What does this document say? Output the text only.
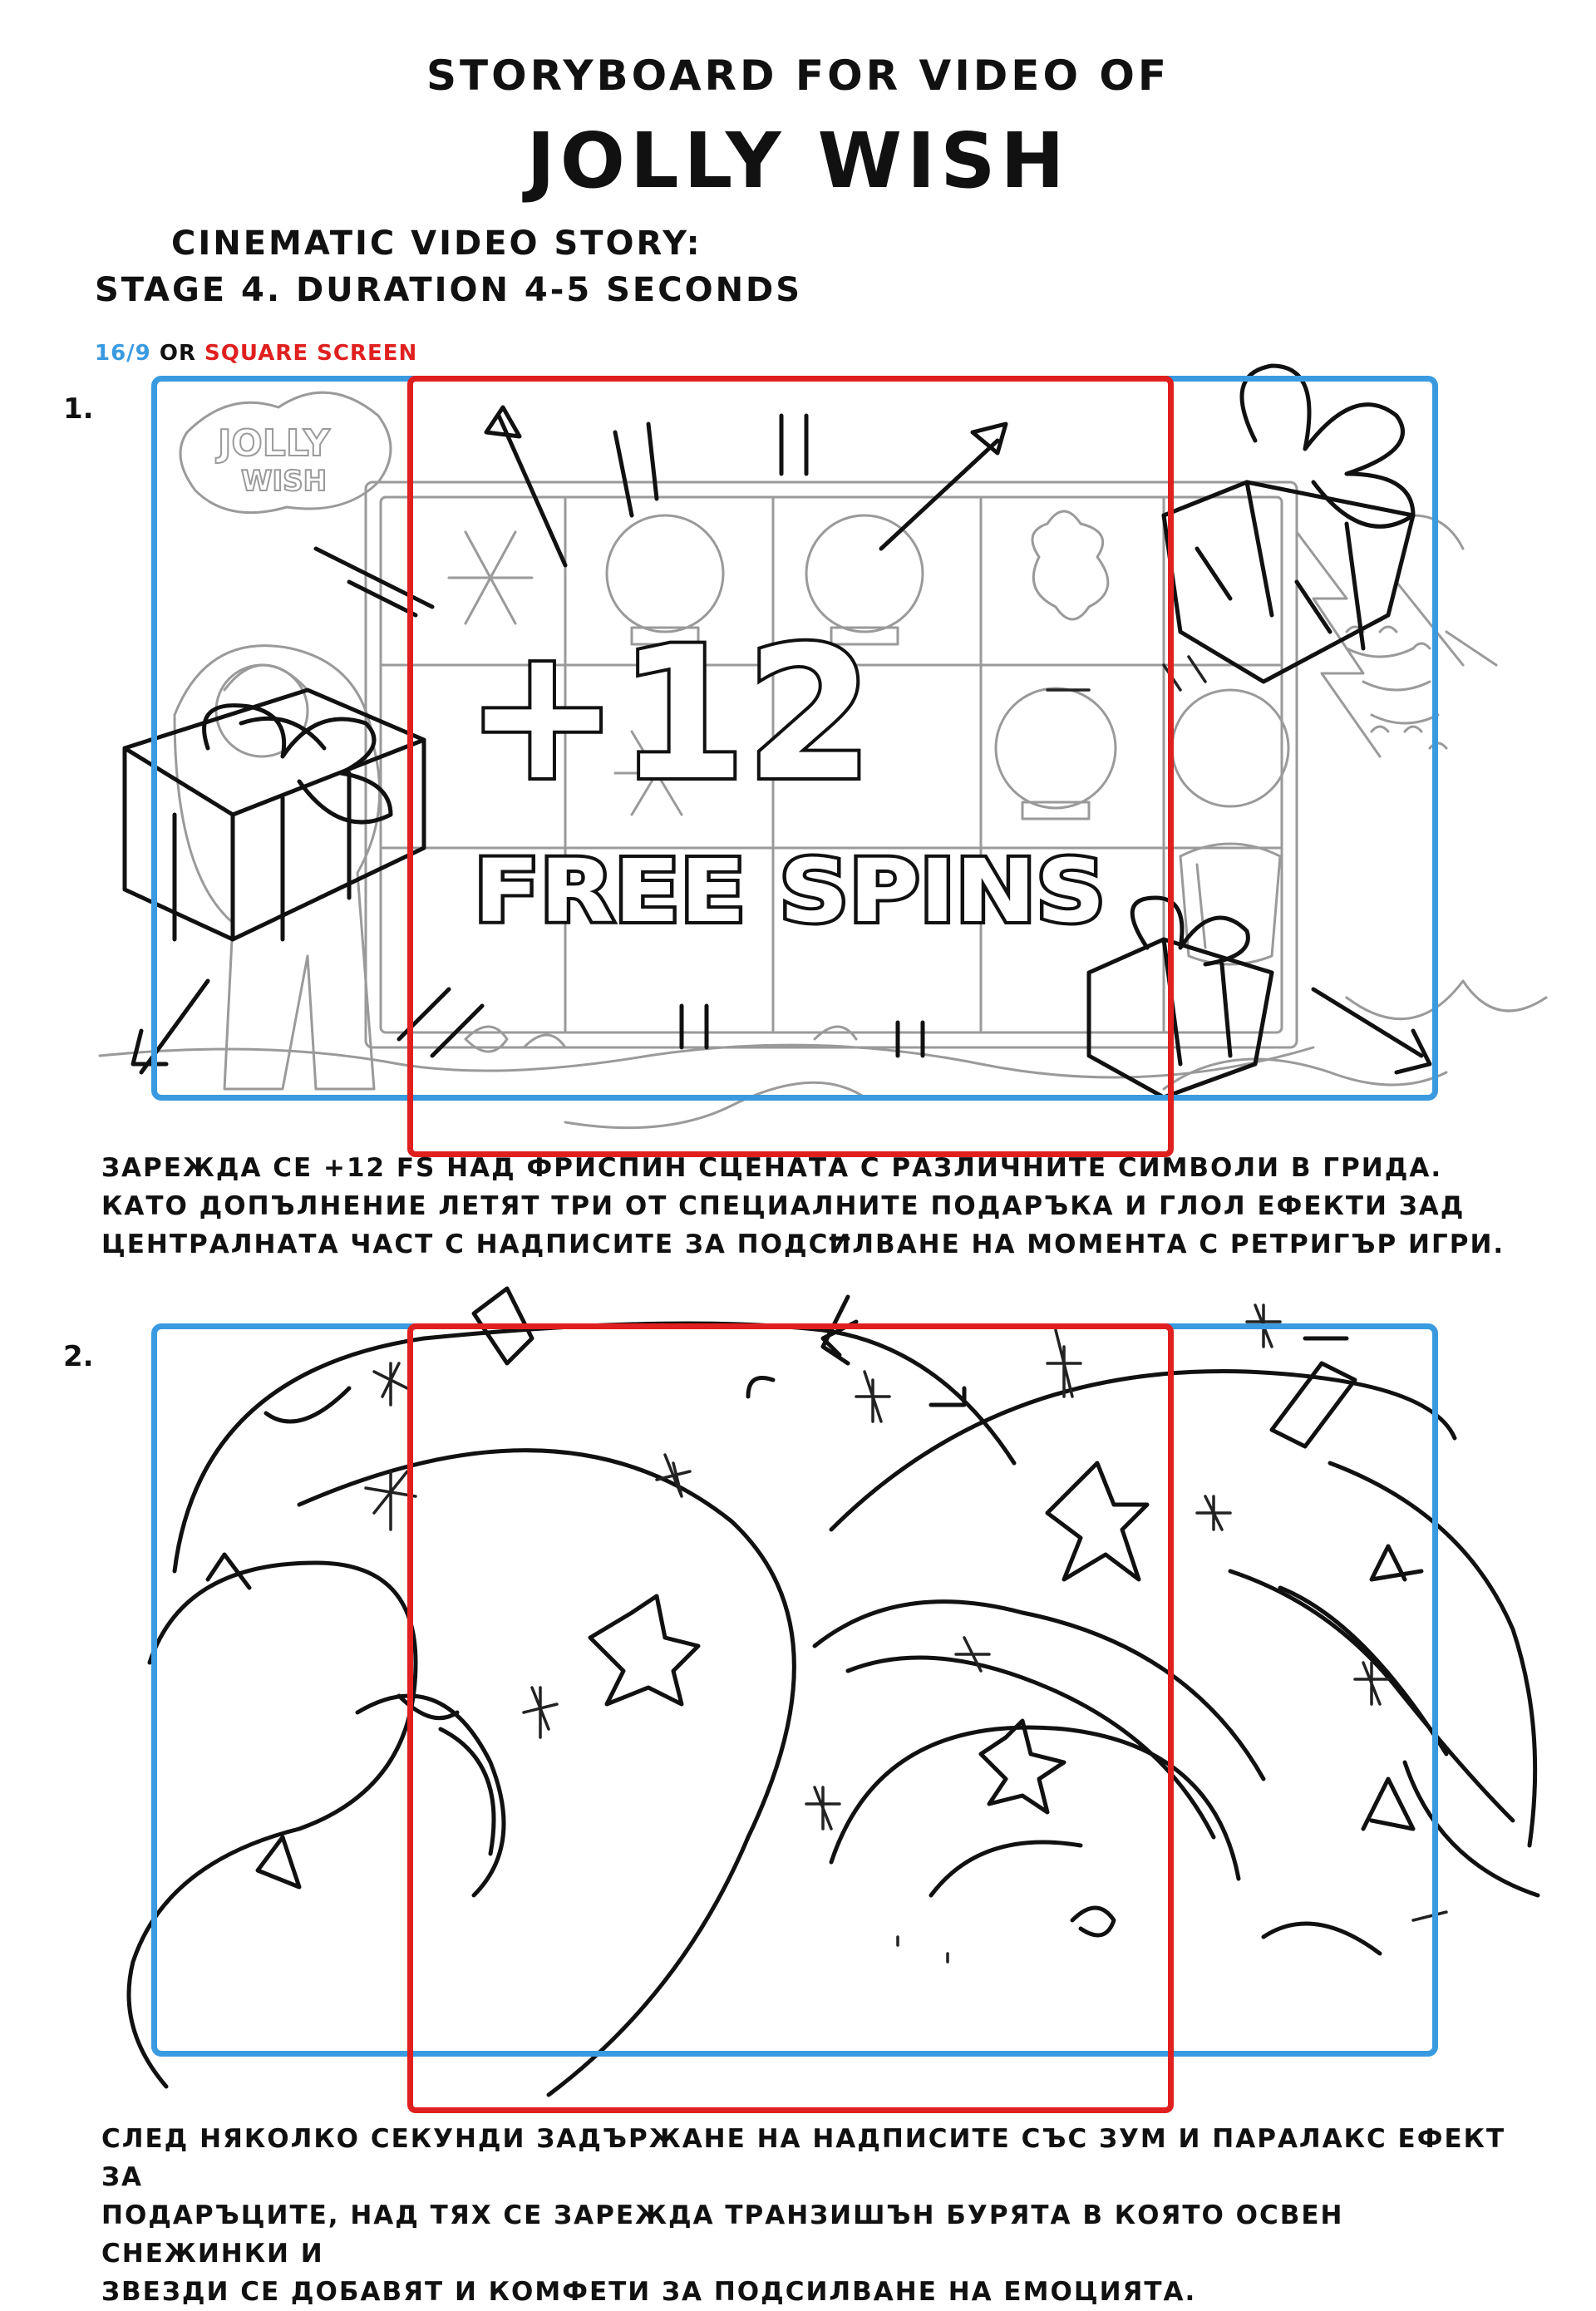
STORYBOARD FOR VIDEO OF
JOLLY WISH
CINEMATIC VIDEO STORY:
STAGE 4. DURATION 4-5 SECONDS
16/9 OR SQUARE SCREEN
1.
JOLLY
WISH
+12
FREE SPINS
ЗАРЕЖДА СЕ +12 FS НАД ФРИСПИН СЦЕНАТА С РАЗЛИЧНИТЕ СИМВОЛИ В ГРИДА.
КАТО ДОПЪЛНЕНИЕ ЛЕТЯТ ТРИ ОТ СПЕЦИАЛНИТЕ ПОДАРЪКА И ГЛОЛ ЕФЕКТИ ЗАД
ЦЕНТРАЛНАТА ЧАСТ С НАДПИСИТЕ ЗА ПОДСИЛВАНЕ НА МОМЕНТА С РЕТРИГЪР ИГРИ.
2.
СЛЕД НЯКОЛКО СЕКУНДИ ЗАДЪРЖАНЕ НА НАДПИСИТЕ СЪС ЗУМ И ПАРАЛАКС ЕФЕКТ ЗА
ПОДАРЪЦИТЕ, НАД ТЯХ СЕ ЗАРЕЖДА ТРАНЗИШЪН БУРЯТА В КОЯТО ОСВЕН СНЕЖИНКИ И
ЗВЕЗДИ СЕ ДОБАВЯТ И КОМФЕТИ ЗА ПОДСИЛВАНЕ НА ЕМОЦИЯТА.
